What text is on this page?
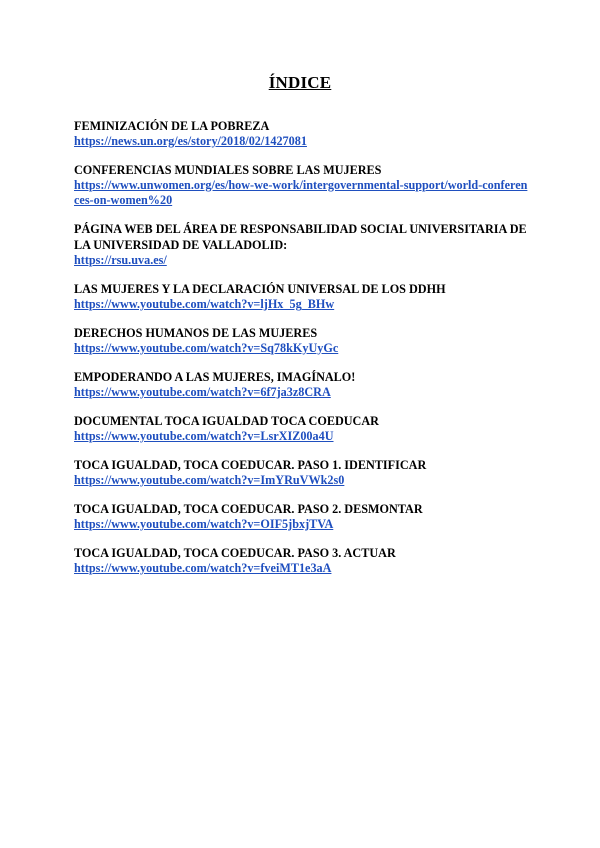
ÍNDICE
FEMINIZACIÓN DE LA POBREZA
https://news.un.org/es/story/2018/02/1427081
CONFERENCIAS MUNDIALES SOBRE LAS MUJERES
https://www.unwomen.org/es/how-we-work/intergovernmental-support/world-conferences-on-women%20
PÁGINA WEB DEL ÁREA DE RESPONSABILIDAD SOCIAL UNIVERSITARIA DE LA UNIVERSIDAD DE VALLADOLID:
https://rsu.uva.es/
LAS MUJERES Y LA DECLARACIÓN UNIVERSAL DE LOS DDHH
https://www.youtube.com/watch?v=ljHx_5g_BHw
DERECHOS HUMANOS DE LAS MUJERES
https://www.youtube.com/watch?v=Sq78kKyUyGc
EMPODERANDO A LAS MUJERES, IMAGÍNALO!
https://www.youtube.com/watch?v=6f7ja3z8CRA
DOCUMENTAL TOCA IGUALDAD TOCA COEDUCAR
https://www.youtube.com/watch?v=LsrXIZ00a4U
TOCA IGUALDAD, TOCA COEDUCAR. PASO 1. IDENTIFICAR
https://www.youtube.com/watch?v=ImYRuVWk2s0
TOCA IGUALDAD, TOCA COEDUCAR. PASO 2. DESMONTAR
https://www.youtube.com/watch?v=OIF5jbxjTVA
TOCA IGUALDAD, TOCA COEDUCAR. PASO 3. ACTUAR
https://www.youtube.com/watch?v=fveiMT1e3aA
